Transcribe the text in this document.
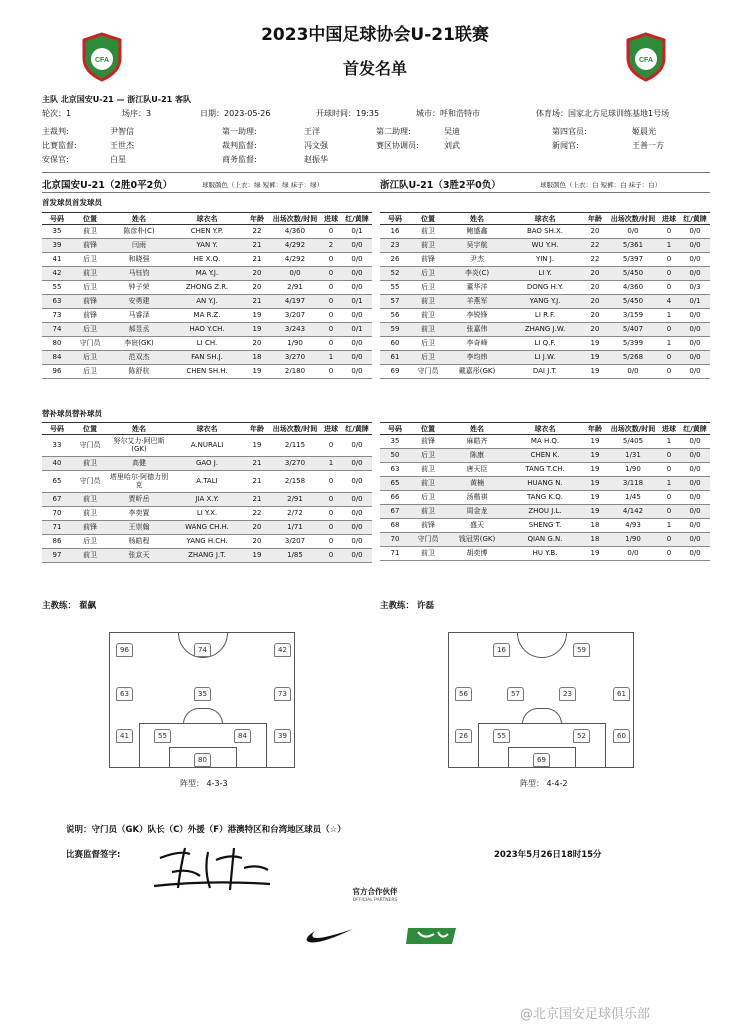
2023中国足球协会U-21联赛
首发名单
CFA	CFA
主队 北京国安U-21 — 浙江队U-21 客队
轮次：1	场序：3	日期：2023-05-26	开球时间：19:35	城市：呼和浩特市	体育场：国家北方足球训练基地1号场
主裁判:	尹智信	第一助理:	王洋	第二助理:	吴迪	第四官员:	姬晨光
比赛监督:	王世杰	裁判监督:	冯文强	赛区协调员:	刘武	新闻官:	王善一方
安保官:	白星	商务监督:	赵振华
北京国安U-21（2胜0平2负）	球服颜色（上衣：绿 短裤：绿 袜子：绿）	浙江队U-21（3胜2平0负）	球服颜色（上衣：白 短裤：白 袜子：白）
首发球员首发球员
号码	位置	姓名	球衣名	年龄	出场次数/时间	进球	红/黄牌
35	前卫	陈彦朴(C)	CHEN Y.P.	22	4/360	0	0/1
39	前锋	闫雨	YAN Y.	21	4/292	2	0/0
41	后卫	和晓强	HE X.Q.	21	4/292	0	0/0
42	前卫	马钰钧	MA Y.J.	20	0/0	0	0/0
55	后卫	钟子荣	ZHONG Z.R.	20	2/91	0	0/0
63	前锋	安勇建	AN Y.J.	21	4/197	0	0/1
73	前锋	马睿泽	MA R.Z.	19	3/207	0	0/0
74	后卫	郝昱丞	HAO Y.CH.	19	3/243	0	0/1
80	守门员	李宸(GK)	LI CH.	20	1/90	0	0/0
84	后卫	范双杰	FAN SH.J.	18	3/270	1	0/0
96	后卫	陈舒杭	CHEN SH.H.	19	2/180	0	0/0
号码	位置	姓名	球衣名	年龄	出场次数/时间	进球	红/黄牌
16	前卫	鲍盛鑫	BAO SH.X.	20	0/0	0	0/0
23	前卫	吴宇航	WU Y.H.	22	5/361	1	0/0
26	前锋	尹杰	YIN J.	22	5/397	0	0/0
52	后卫	李炎(C)	LI Y.	20	5/450	0	0/0
55	后卫	董华洋	DONG H.Y.	20	4/360	0	0/3
57	前卫	羊燕军	YANG Y.J.	20	5/450	4	0/1
56	前卫	李锐锋	LI R.F.	20	3/159	1	0/0
59	前卫	张嘉伟	ZHANG J.W.	20	5/407	0	0/0
60	后卫	李奇峰	LI Q.F.	19	5/399	1	0/0
61	后卫	李均炜	LI J.W.	19	5/268	0	0/0
69	守门员	戴嘉彤(GK)	DAI J.T.	19	0/0	0	0/0
替补球员替补球员
号码	位置	姓名	球衣名	年龄	出场次数/时间	进球	红/黄牌
33	守门员	努尔艾力·阿巴斯(GK)	A.NURALI	19	2/115	0	0/0
40	前卫	高健	GAO J.	21	3/270	1	0/0
65	守门员	塔里哈尔·阿德力别克	A.TALI	21	2/158	0	0/0
67	前卫	贾昕岳	JIA X.Y.	21	2/91	0	0/0
70	前卫	李奕置	LI Y.X.	22	2/72	0	0/0
71	前锋	王崇翰	WANG CH.H.	20	1/71	0	0/0
86	后卫	杨皓程	YANG H.CH.	20	3/207	0	0/0
97	前卫	张京天	ZHANG J.T.	19	1/85	0	0/0
号码	位置	姓名	球衣名	年龄	出场次数/时间	进球	红/黄牌
35	前锋	麻皓齐	MA H.Q.	19	5/405	1	0/0
50	后卫	陈康	CHEN K.	19	1/31	0	0/0
63	前卫	唐天臣	TANG T.CH.	19	1/90	0	0/0
65	前卫	黄楠	HUANG N.	19	3/118	1	0/0
66	后卫	汤楷祺	TANG K.Q.	19	1/45	0	0/0
67	前卫	周金龙	ZHOU J.L.	19	4/142	0	0/0
68	前锋	盛天	SHENG T.	18	4/93	1	0/0
70	守门员	钱冠男(GK)	QIAN G.N.	18	1/90	0	0/0
71	前卫	胡奕博	HU Y.B.	19	0/0	0	0/0
主教练： 翟飙	主教练： 许磊
96	74	42
63	35	73
41	55	84	39
80
16	59
56	57	23	61
26	55	52	60
69
阵型： 4-3-3	阵型： 4-4-2
说明：守门员（GK）队长（C）外援（F）港澳特区和台湾地区球员（☆）
比赛监督签字:	2023年5月26日18时15分
官方合作伙伴
OFFICIAL PARTNERS
@北京国安足球俱乐部
